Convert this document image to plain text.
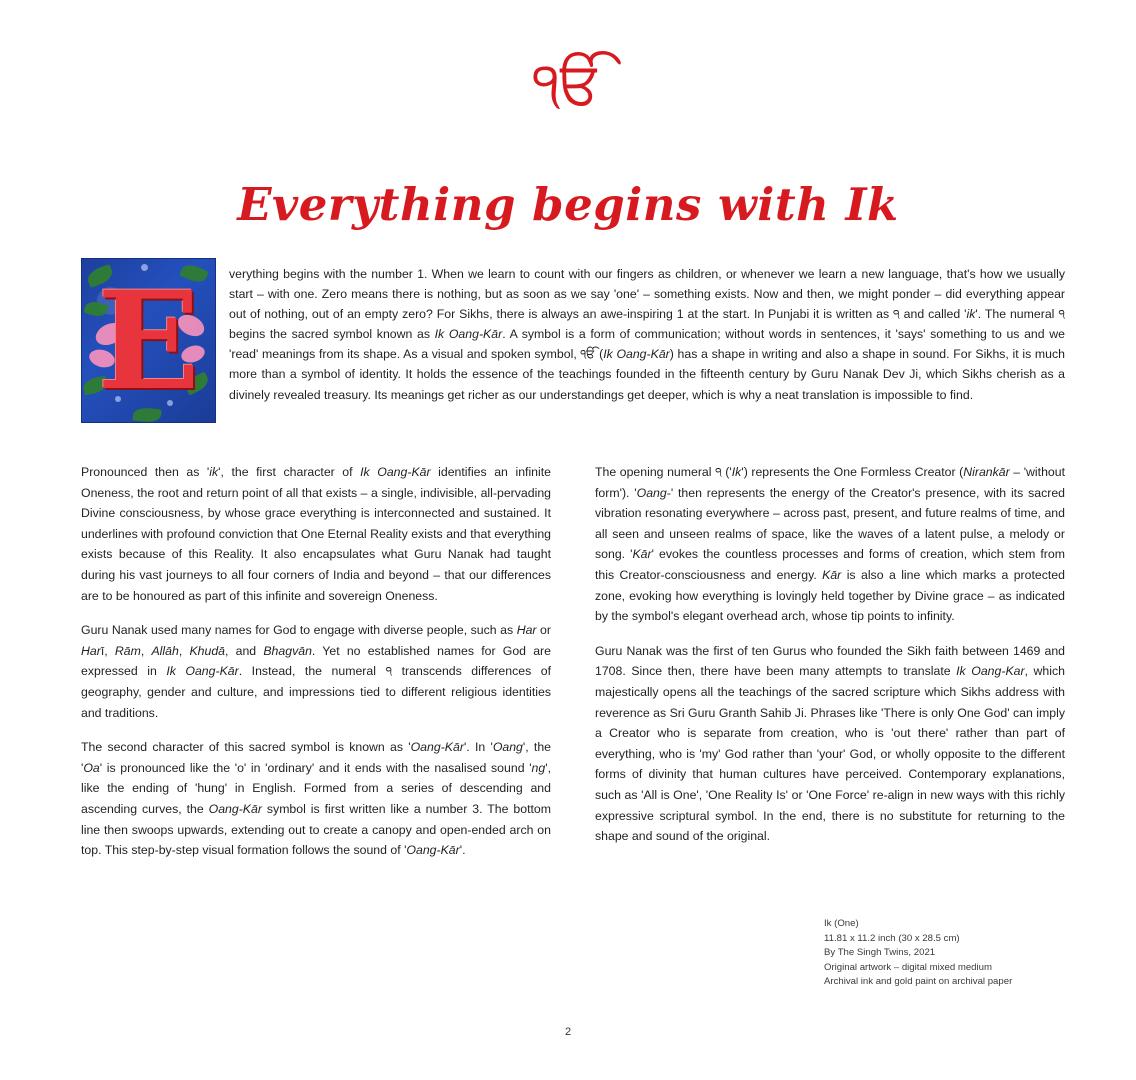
ੴ
Everything begins with Ik
E	verything begins with the number 1. When we learn to count with our fingers as children, or whenever we learn a new language, that's how we usually start – with one. Zero means there is nothing, but as soon as we say 'one' – something exists. Now and then, we might ponder – did everything appear out of nothing, out of an empty zero? For Sikhs, there is always an awe-inspiring 1 at the start. In Punjabi it is written as ੧ and called 'ik'. The numeral ੧ begins the sacred symbol known as Ik Oang-Kār. A symbol is a form of communication; without words in sentences, it 'says' something to us and we 'read' meanings from its shape. As a visual and spoken symbol, ੴ (Ik Oang-Kār) has a shape in writing and also a shape in sound. For Sikhs, it is much more than a symbol of identity. It holds the essence of the teachings founded in the fifteenth century by Guru Nanak Dev Ji, which Sikhs cherish as a divinely revealed treasury. Its meanings get richer as our understandings get deeper, which is why a neat translation is impossible to find.

Pronounced then as 'ik', the first character of Ik Oang-Kār identifies an infinite Oneness, the root and return point of all that exists – a single, indivisible, all-pervading Divine consciousness, by whose grace everything is interconnected and sustained. It underlines with profound conviction that One Eternal Reality exists and that everything exists because of this Reality. It also encapsulates what Guru Nanak had taught during his vast journeys to all four corners of India and beyond – that our differences are to be honoured as part of this infinite and sovereign Oneness.

Guru Nanak used many names for God to engage with diverse people, such as Har or Harī, Rām, Allāh, Khudā, and Bhagvān. Yet no established names for God are expressed in Ik Oang-Kār. Instead, the numeral ੧ transcends differences of geography, gender and culture, and impressions tied to different religious identities and traditions.

The second character of this sacred symbol is known as 'Oang-Kār'. In 'Oang', the 'Oa' is pronounced like the 'o' in 'ordinary' and it ends with the nasalised sound 'ng', like the ending of 'hung' in English. Formed from a series of descending and ascending curves, the Oang-Kār symbol is first written like a number 3. The bottom line then swoops upwards, extending out to create a canopy and open-ended arch on top. This step-by-step visual formation follows the sound of 'Oang-Kār'.

The opening numeral ੧ ('Ik') represents the One Formless Creator (Nirankār – 'without form'). 'Oang-' then represents the energy of the Creator's presence, with its sacred vibration resonating everywhere – across past, present, and future realms of time, and all seen and unseen realms of space, like the waves of a latent pulse, a melody or song. 'Kār' evokes the countless processes and forms of creation, which stem from this Creator-consciousness and energy. Kār is also a line which marks a protected zone, evoking how everything is lovingly held together by Divine grace – as indicated by the symbol's elegant overhead arch, whose tip points to infinity.

Guru Nanak was the first of ten Gurus who founded the Sikh faith between 1469 and 1708. Since then, there have been many attempts to translate Ik Oang-Kar, which majestically opens all the teachings of the sacred scripture which Sikhs address with reverence as Sri Guru Granth Sahib Ji. Phrases like 'There is only One God' can imply a Creator who is separate from creation, who is 'out there' rather than part of everything, who is 'my' God rather than 'your' God, or wholly opposite to the different forms of divinity that human cultures have perceived. Contemporary explanations, such as 'All is One', 'One Reality Is' or 'One Force' re-align in new ways with this richly expressive scriptural symbol. In the end, there is no substitute for returning to the shape and sound of the original.

Ik (One)
11.81 x 11.2 inch (30 x 28.5 cm)
By The Singh Twins, 2021
Original artwork – digital mixed medium
Archival ink and gold paint on archival paper
2
